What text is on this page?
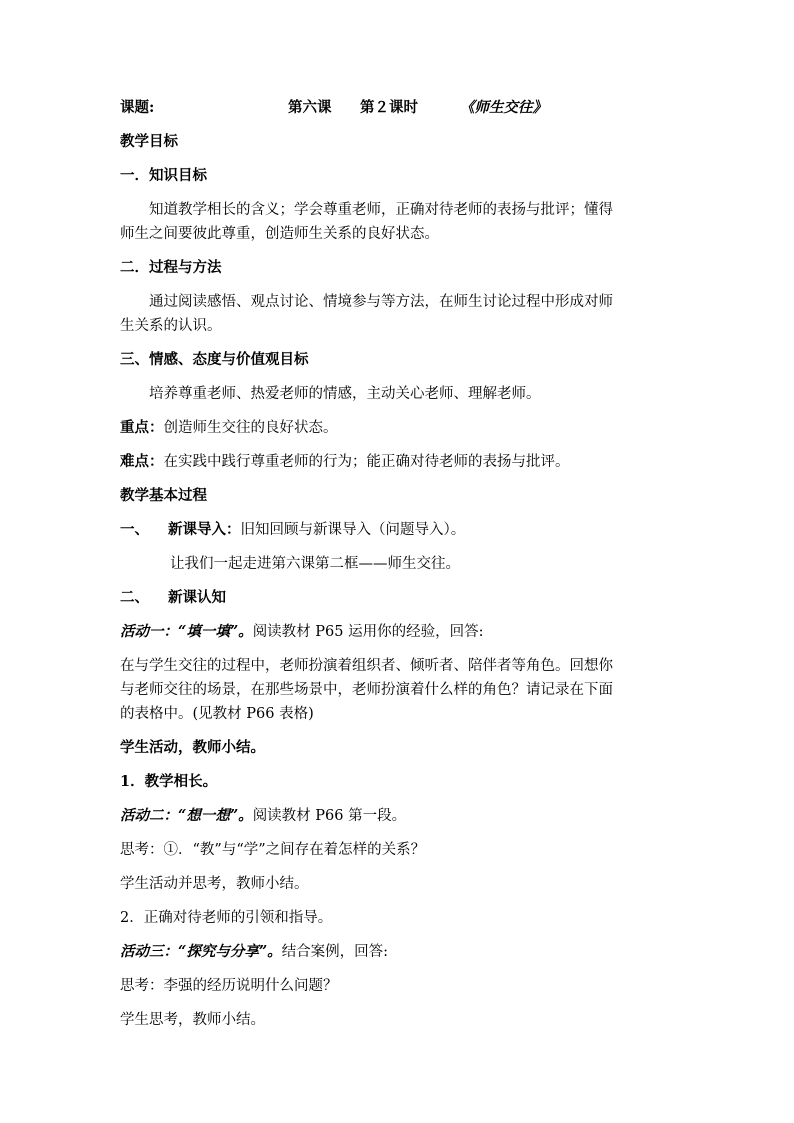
课题:	第六课 第２课时	《师生交往》
教学目标
一．知识目标
知道教学相长的含义；学会尊重老师，正确对待老师的表扬与批评；懂得
师生之间要彼此尊重，创造师生关系的良好状态。
二．过程与方法
通过阅读感悟、观点讨论、情境参与等方法，在师生讨论过程中形成对师
生关系的认识。
三、情感、态度与价值观目标
培养尊重老师、热爱老师的情感，主动关心老师、理解老师。
重点：创造师生交往的良好状态。
难点：在实践中践行尊重老师的行为；能正确对待老师的表扬与批评。
教学基本过程
一、 新课导入：旧知回顾与新课导入（问题导入）。
让我们一起走进第六课第二框——师生交往。
二、 新课认知
活动一：“填一填”。阅读教材 P65 运用你的经验，回答:
在与学生交往的过程中，老师扮演着组织者、倾听者、陪伴者等角色。回想你
与老师交往的场景，在那些场景中，老师扮演着什么样的角色？请记录在下面
的表格中。(见教材 P66 表格)
学生活动，教师小结。
1．教学相长。
活动二：“想一想”。阅读教材 P66 第一段。
思考：①．“教”与“学”之间存在着怎样的关系？
学生活动并思考，教师小结。
2．正确对待老师的引领和指导。
活动三：“探究与分享”。结合案例，回答:
思考：李强的经历说明什么问题？
学生思考，教师小结。
